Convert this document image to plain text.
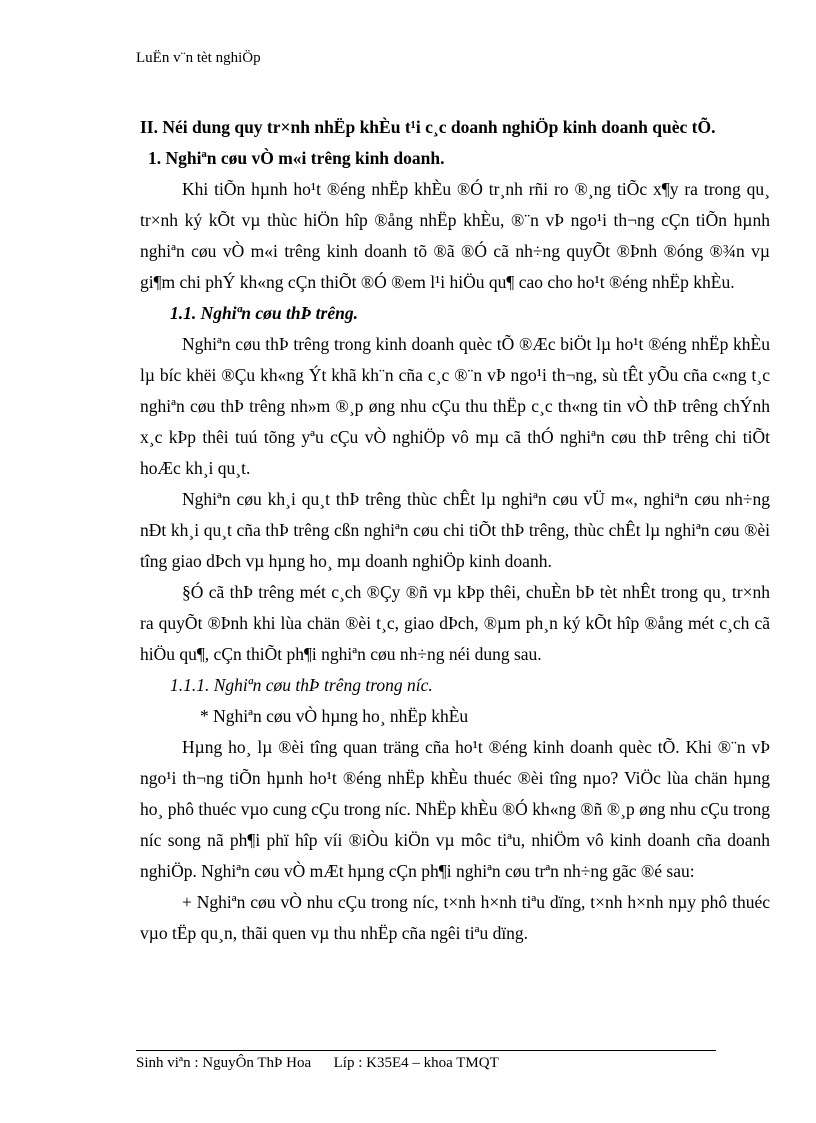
LuËn v¨n tèt nghiÖp

II. Néi dung quy tr×nh nhËp khÈu t¹i c¸c doanh nghiÖp kinh doanh quèc tÕ.

1. Nghiªn cøu vÒ m«i trêng kinh doanh.

Khi tiÕn hµnh ho¹t ®éng nhËp khÈu ®Ó tr¸nh rñi ro ®¸ng tiÕc x¶y ra trong qu¸ tr×nh ký kÕt vµ thùc hiÖn hîp ®ång nhËp khÈu, ®¨n vÞ ngo¹i th¬ng cÇn tiÕn hµnh nghiªn cøu vÒ m«i trêng kinh doanh tõ ®ã ®Ó cã nh÷ng quyÕt ®Þnh ®óng ®¾n vµ gi¶m chi phÝ kh«ng cÇn thiÕt ®Ó ®em l¹i hiÖu qu¶ cao cho ho¹t ®éng nhËp khÈu.

1.1. Nghiªn cøu thÞ trêng.

Nghiªn cøu thÞ trêng trong kinh doanh quèc tÕ ®Æc biÖt lµ ho¹t ®éng nhËp khÈu lµ bíc khëi ®Çu kh«ng Ýt khã kh¨n cña c¸c ®¨n vÞ ngo¹i th¬ng, sù tÊt yÕu cña c«ng t¸c nghiªn cøu thÞ trêng nh»m ®¸p øng nhu cÇu thu thËp c¸c th«ng tin vÒ thÞ trêng chÝnh x¸c kÞp thêi tuú tõng yªu cÇu vÒ nghiÖp vô mµ cã thÓ nghiªn cøu thÞ trêng chi tiÕt hoÆc kh¸i qu¸t.

Nghiªn cøu kh¸i qu¸t thÞ trêng thùc chÊt lµ nghiªn cøu vÜ m«, nghiªn cøu nh÷ng nÐt kh¸i qu¸t cña thÞ trêng cßn nghiªn cøu chi tiÕt thÞ trêng, thùc chÊt lµ nghiªn cøu ®èi tîng giao dÞch vµ hµng ho¸ mµ doanh nghiÖp kinh doanh.

§Ó cã thÞ trêng mét c¸ch ®Çy ®ñ vµ kÞp thêi, chuÈn bÞ tèt nhÊt trong qu¸ tr×nh ra quyÕt ®Þnh khi lùa chän ®èi t¸c, giao dÞch, ®µm ph¸n ký kÕt hîp ®ång mét c¸ch cã hiÖu qu¶, cÇn thiÕt ph¶i nghiªn cøu nh÷ng néi dung sau.

1.1.1. Nghiªn cøu thÞ trêng trong níc.

* Nghiªn cøu vÒ hµng ho¸ nhËp khÈu

Hµng ho¸ lµ ®èi tîng quan träng cña ho¹t ®éng kinh doanh quèc tÕ. Khi ®¨n vÞ ngo¹i th¬ng tiÕn hµnh ho¹t ®éng nhËp khÈu thuéc ®èi tîng nµo? ViÖc lùa chän hµng ho¸ phô thuéc vµo cung cÇu trong níc. NhËp khÈu ®Ó kh«ng ®ñ ®¸p øng nhu cÇu trong níc song nã ph¶i phï hîp víi ®iÒu kiÖn vµ môc tiªu, nhiÖm vô kinh doanh cña doanh nghiÖp. Nghiªn cøu vÒ mÆt hµng cÇn ph¶i nghiªn cøu trªn nh÷ng gãc ®é sau:

+ Nghiªn cøu vÒ nhu cÇu trong níc, t×nh h×nh tiªu dïng, t×nh h×nh nµy phô thuéc vµo tËp qu¸n, thãi quen vµ thu nhËp cña ngêi tiªu dïng.

Sinh viªn : NguyÔn ThÞ Hoa Líp : K35E4 – khoa TMQT
